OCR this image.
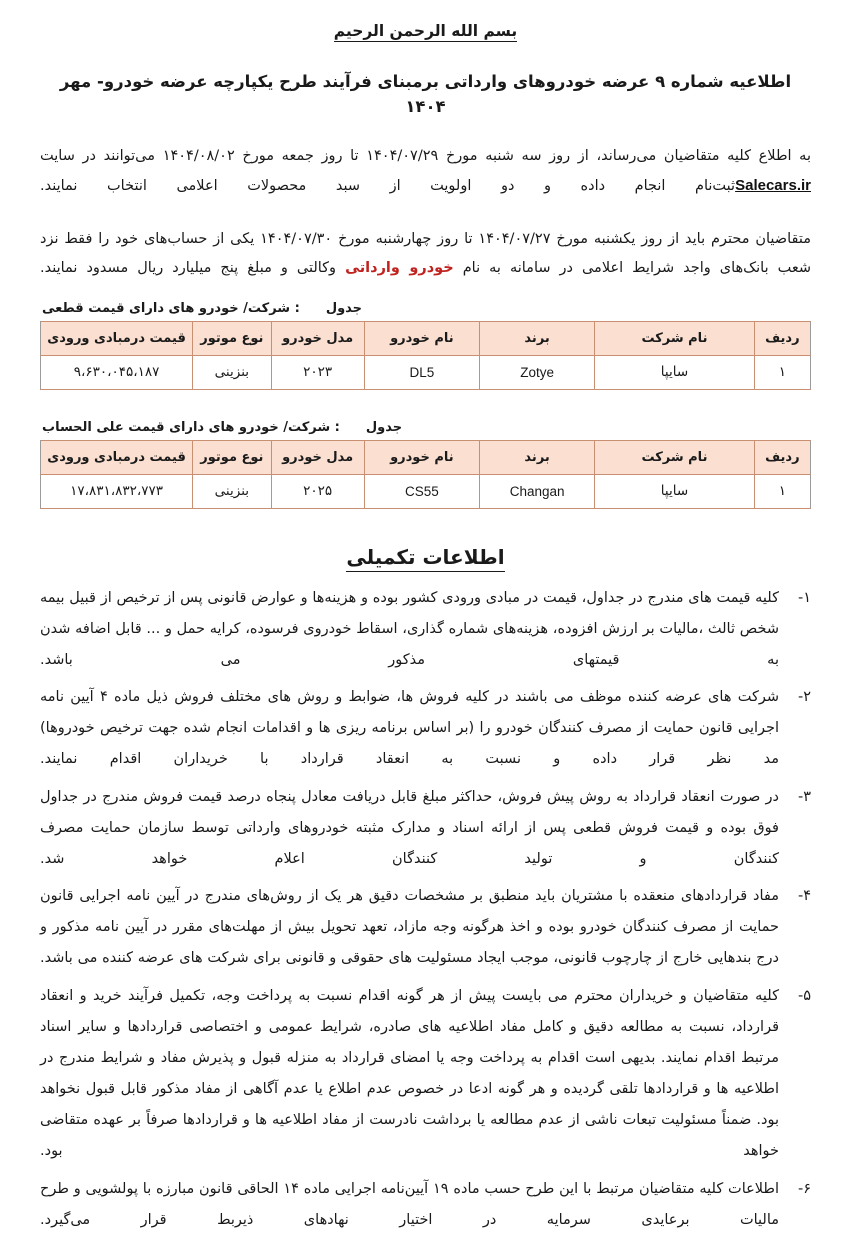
بسم الله الرحمن الرحیم
اطلاعیه شماره ۹ عرضه خودروهای وارداتی برمبنای فرآیند طرح یکپارچه عرضه خودرو- مهر ۱۴۰۴

به اطلاع کلیه متقاضیان می‌رساند، از روز سه شنبه مورخ ۱۴۰۴/۰۷/۲۹ تا روز جمعه مورخ ۱۴۰۴/۰۸/۰۲ می‌توانند در سایت Salecars.irثبت‌نام انجام داده و دو اولویت از سبد محصولات اعلامی انتخاب نمایند.

متقاضیان محترم باید از روز یکشنبه مورخ ۱۴۰۴/۰۷/۲۷ تا روز چهارشنبه مورخ ۱۴۰۴/۰۷/۳۰ یکی از حساب‌های خود را فقط نزد شعب بانک‌های واجد شرایط اعلامی در سامانه به نام خودرو وارداتی وکالتی و مبلغ پنج میلیارد ریال مسدود نمایند.

جدول: شرکت/ خودرو های دارای قیمت قطعی
ردیف	نام شرکت	برند	نام خودرو	مدل خودرو	نوع موتور	قیمت درمبادی ورودی
۱	سایپا	Zotye	DL5	۲۰۲۳	بنزینی	۹،۶۳۰،۰۴۵،۱۸۷
جدول: شرکت/ خودرو های دارای قیمت علی الحساب
ردیف	نام شرکت	برند	نام خودرو	مدل خودرو	نوع موتور	قیمت درمبادی ورودی
۱	سایپا	Changan	CS55	۲۰۲۵	بنزینی	۱۷،۸۳۱،۸۳۲،۷۷۳
اطلاعات تکمیلی
۱-
کلیه قیمت های مندرج در جداول، قیمت در مبادی ورودی کشور بوده و هزینه‌ها و عوارض قانونی پس از ترخیص از قبیل بیمه شخص ثالث ،مالیات بر ارزش افزوده، هزینه‌های شماره گذاری، اسقاط خودروی فرسوده، کرایه حمل و ... قابل اضافه شدن به قیمتهای مذکور می باشد.
۲-
شرکت های عرضه کننده موظف می باشند در کلیه فروش ها، ضوابط و روش های مختلف فروش ذیل ماده ۴ آیین نامه اجرایی قانون حمایت از مصرف کنندگان خودرو را (بر اساس برنامه ریزی ها و اقدامات انجام شده جهت ترخیص خودروها) مد نظر قرار داده و نسبت به انعقاد قرارداد با خریداران اقدام نمایند.
۳-
در صورت انعقاد قرارداد به روش پیش فروش، حداکثر مبلغ قابل دریافت معادل پنجاه درصد قیمت فروش مندرج در جداول فوق بوده و قیمت فروش قطعی پس از ارائه اسناد و مدارک مثبته خودروهای وارداتی توسط سازمان حمایت مصرف کنندگان و تولید کنندگان اعلام خواهد شد.
۴-
مفاد قراردادهای منعقده با مشتریان باید منطبق بر مشخصات دقیق هر یک از روش‌های مندرج در آیین نامه اجرایی قانون حمایت از مصرف کنندگان خودرو بوده و اخذ هرگونه وجه مازاد، تعهد تحویل بیش از مهلت‌های مقرر در آیین نامه مذکور و درج بندهایی خارج از چارچوب قانونی، موجب ایجاد مسئولیت های حقوقی و قانونی برای شرکت های عرضه کننده می باشد.
۵-
کلیه متقاضیان و خریداران محترم می بایست پیش از هر گونه اقدام نسبت به پرداخت وجه، تکمیل فرآیند خرید و انعقاد قرارداد، نسبت به مطالعه دقیق و کامل مفاد اطلاعیه های صادره، شرایط عمومی و اختصاصی قراردادها و سایر اسناد مرتبط اقدام نمایند. بدیهی است اقدام به پرداخت وجه یا امضای قرارداد به منزله قبول و پذیرش مفاد و شرایط مندرج در اطلاعیه ها و قراردادها تلقی گردیده و هر گونه ادعا در خصوص عدم اطلاع یا عدم آگاهی از مفاد مذکور قابل قبول نخواهد بود. ضمناً مسئولیت تبعات ناشی از عدم مطالعه یا برداشت نادرست از مفاد اطلاعیه ها و قراردادها صرفاً بر عهده متقاضی خواهد بود.
۶-
اطلاعات کلیه متقاضیان مرتبط با این طرح حسب ماده ۱۹ آیین‌نامه اجرایی ماده ۱۴ الحاقی قانون مبارزه با پولشویی و طرح مالیات برعایدی سرمایه در اختیار نهادهای ذیربط قرار می‌گیرد.
